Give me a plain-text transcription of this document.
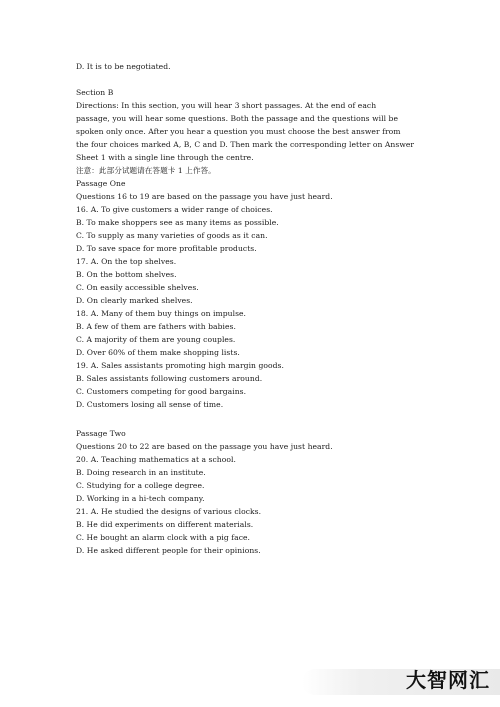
D. It is to be negotiated.
Section B
Directions: In this section, you will hear 3 short passages. At the end of each
passage, you will hear some questions. Both the passage and the questions will be
spoken only once. After you hear a question you must choose the best answer from
the four choices marked A, B, C and D. Then mark the corresponding letter on Answer
Sheet 1 with a single line through the centre.
注意：此部分试题请在答题卡 1 上作答。
Passage One
Questions 16 to 19 are based on the passage you have just heard.
16. A. To give customers a wider range of choices.
B. To make shoppers see as many items as possible.
C. To supply as many varieties of goods as it can.
D. To save space for more profitable products.
17. A. On the top shelves.
B. On the bottom shelves.
C. On easily accessible shelves.
D. On clearly marked shelves.
18. A. Many of them buy things on impulse.
B. A few of them are fathers with babies.
C. A majority of them are young couples.
D. Over 60% of them make shopping lists.
19. A. Sales assistants promoting high margin goods.
B. Sales assistants following customers around.
C. Customers competing for good bargains.
D. Customers losing all sense of time.
Passage Two
Questions 20 to 22 are based on the passage you have just heard.
20. A. Teaching mathematics at a school.
B. Doing research in an institute.
C. Studying for a college degree.
D. Working in a hi-tech company.
21. A. He studied the designs of various clocks.
B. He did experiments on different materials.
C. He bought an alarm clock with a pig face.
D. He asked different people for their opinions.
大智网汇
